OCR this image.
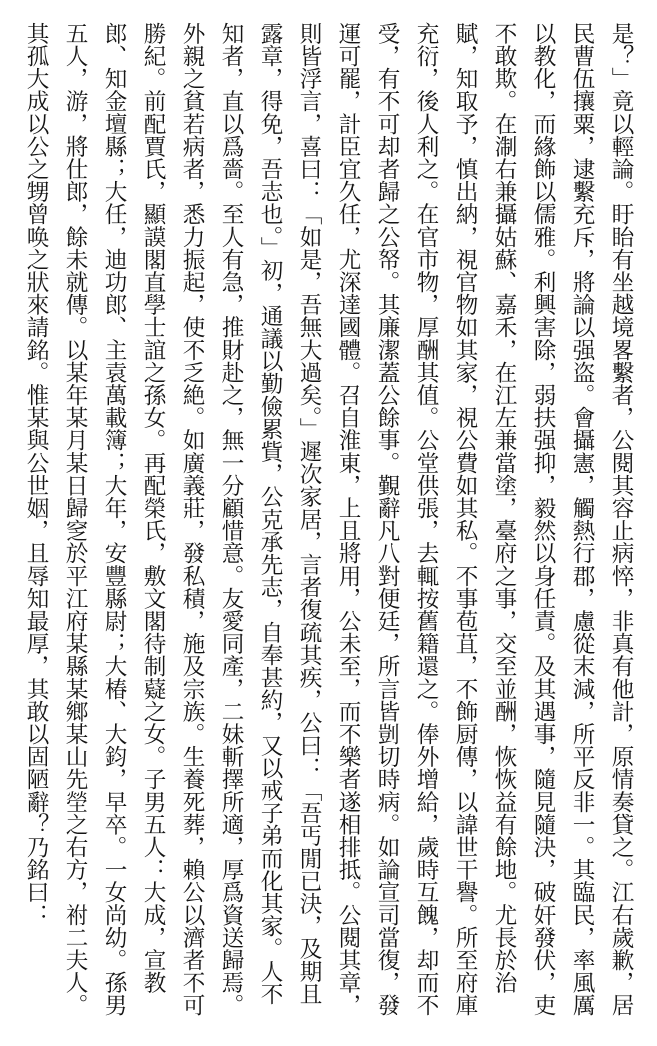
是？」竟以輕論。盱眙有坐越境畧繫者，公閱其容止病悴，非真有他計，原情奏貸之。江右歲歉，居
民曹伍攘粟，逮繫充斥，將論以强盗。會攝憲，觸熱行郡，慮從末減，所平反非一。其臨民，率風厲
以教化，而緣飾以儒雅。利興害除，弱扶强抑，毅然以身任責。及其遇事，隨見隨決，破奸發伏，吏
不敢欺。在淛右兼攝姑蘇、嘉禾，在江左兼當塗，臺府之事，交至並酬，恢恢益有餘地。尤長於治
賦，知取予，慎出納，視官物如其家，視公費如其私。不事苞苴，不飾厨傳，以諱世干譽。所至府庫
充衍，後人利之。在官市物，厚酬其值。公堂供張，去輒按舊籍還之。俸外增給，歲時互餽，却而不
受，有不可却者歸之公帑。其廉潔蓋公餘事。覲辭凡八對便廷，所言皆剴切時病。如論宣司當復，發
運可罷，計臣宜久任，尤深達國體。召自淮東，上且將用，公未至，而不樂者遂相排抵。公閱其章，
則皆浮言，喜曰：「如是，吾無大過矣。」遲次家居，言者復疏其疾，公曰：「吾丐閒已決，及期且
露章，得免，吾志也。」初，通議以勤儉累貲，公克承先志，自奉甚約，又以戒子弟而化其家。人不
知者，直以爲嗇。至人有急，推財赴之，無一分顧惜意。友愛同產，二妹斬擇所適，厚爲資送歸焉。
外親之貧若病者，悉力振起，使不乏絶。如廣義莊，發私積，施及宗族。生養死葬，賴公以濟者不可
勝紀。前配賈氏，顯謨閣直學士誼之孫女。再配榮氏，敷文閣待制薿之女。子男五人：大成，宣教
郎、知金壇縣；大任，迪功郎、主袁萬載簿；大年，安豐縣尉；大椿、大鈞，早卒。一女尚幼。孫男
五人，游，將仕郎，餘未就傳。以某年某月某日歸窆於平江府某縣某鄉某山先塋之右方，祔二夫人。
其孤大成以公之甥曾唤之狀來請銘。惟某與公世姻，且辱知最厚，其敢以固陋辭？乃銘曰：
